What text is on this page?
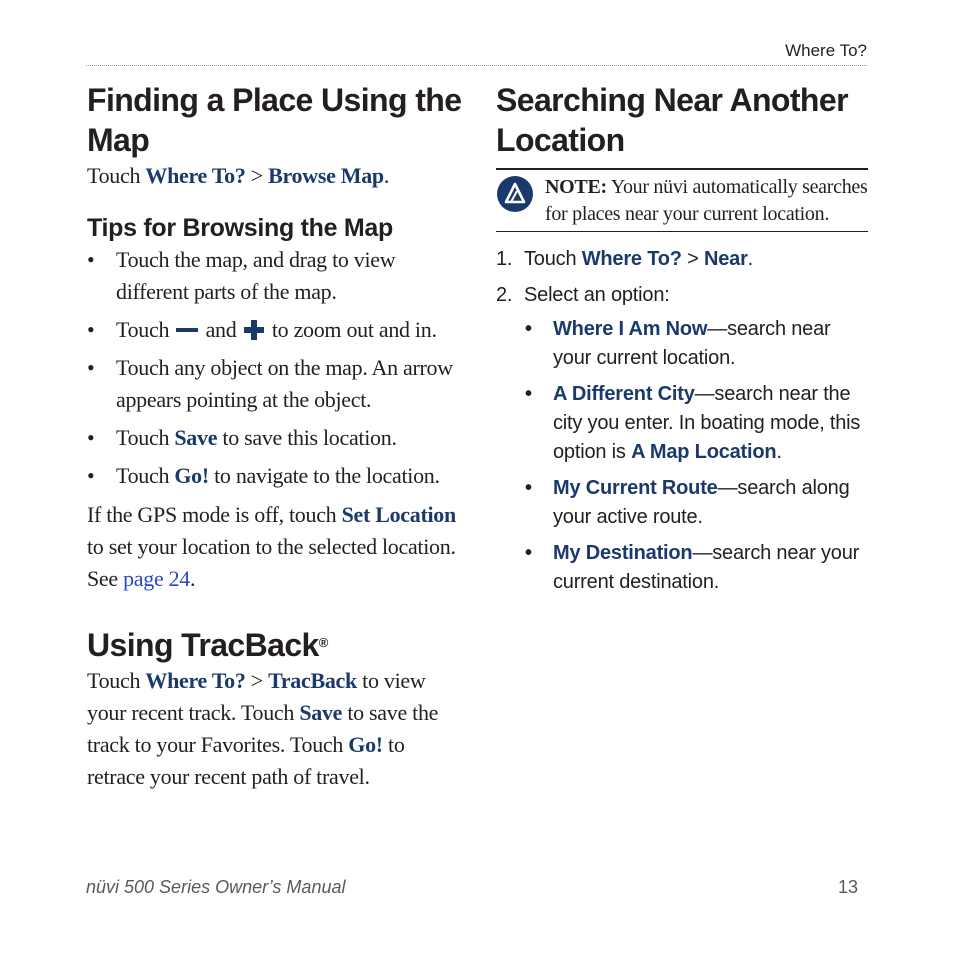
Where To?
Finding a Place Using the Map

Touch Where To? > Browse Map.

Tips for Browsing the Map
• Touch the map, and drag to view different parts of the map.
• Touch and to zoom out and in.
• Touch any object on the map. An arrow appears pointing at the object.
• Touch Save to save this location.
• Touch Go! to navigate to the location.

If the GPS mode is off, touch Set Location to set your location to the selected location. See page 24.

Using TracBack®

Touch Where To? > TracBack to view your recent track. Touch Save to save the track to your Favorites. Touch Go! to retrace your recent path of travel.

Searching Near Another Location
NOTE: Your nüvi automatically searches for places near your current location.
1. Touch Where To? > Near.
2. Select an option:
• Where I Am Now—search near your current location.
• A Different City—search near the city you enter. In boating mode, this option is A Map Location.
• My Current Route—search along your active route.
• My Destination—search near your current destination.
nüvi 500 Series Owner’s Manual	13
